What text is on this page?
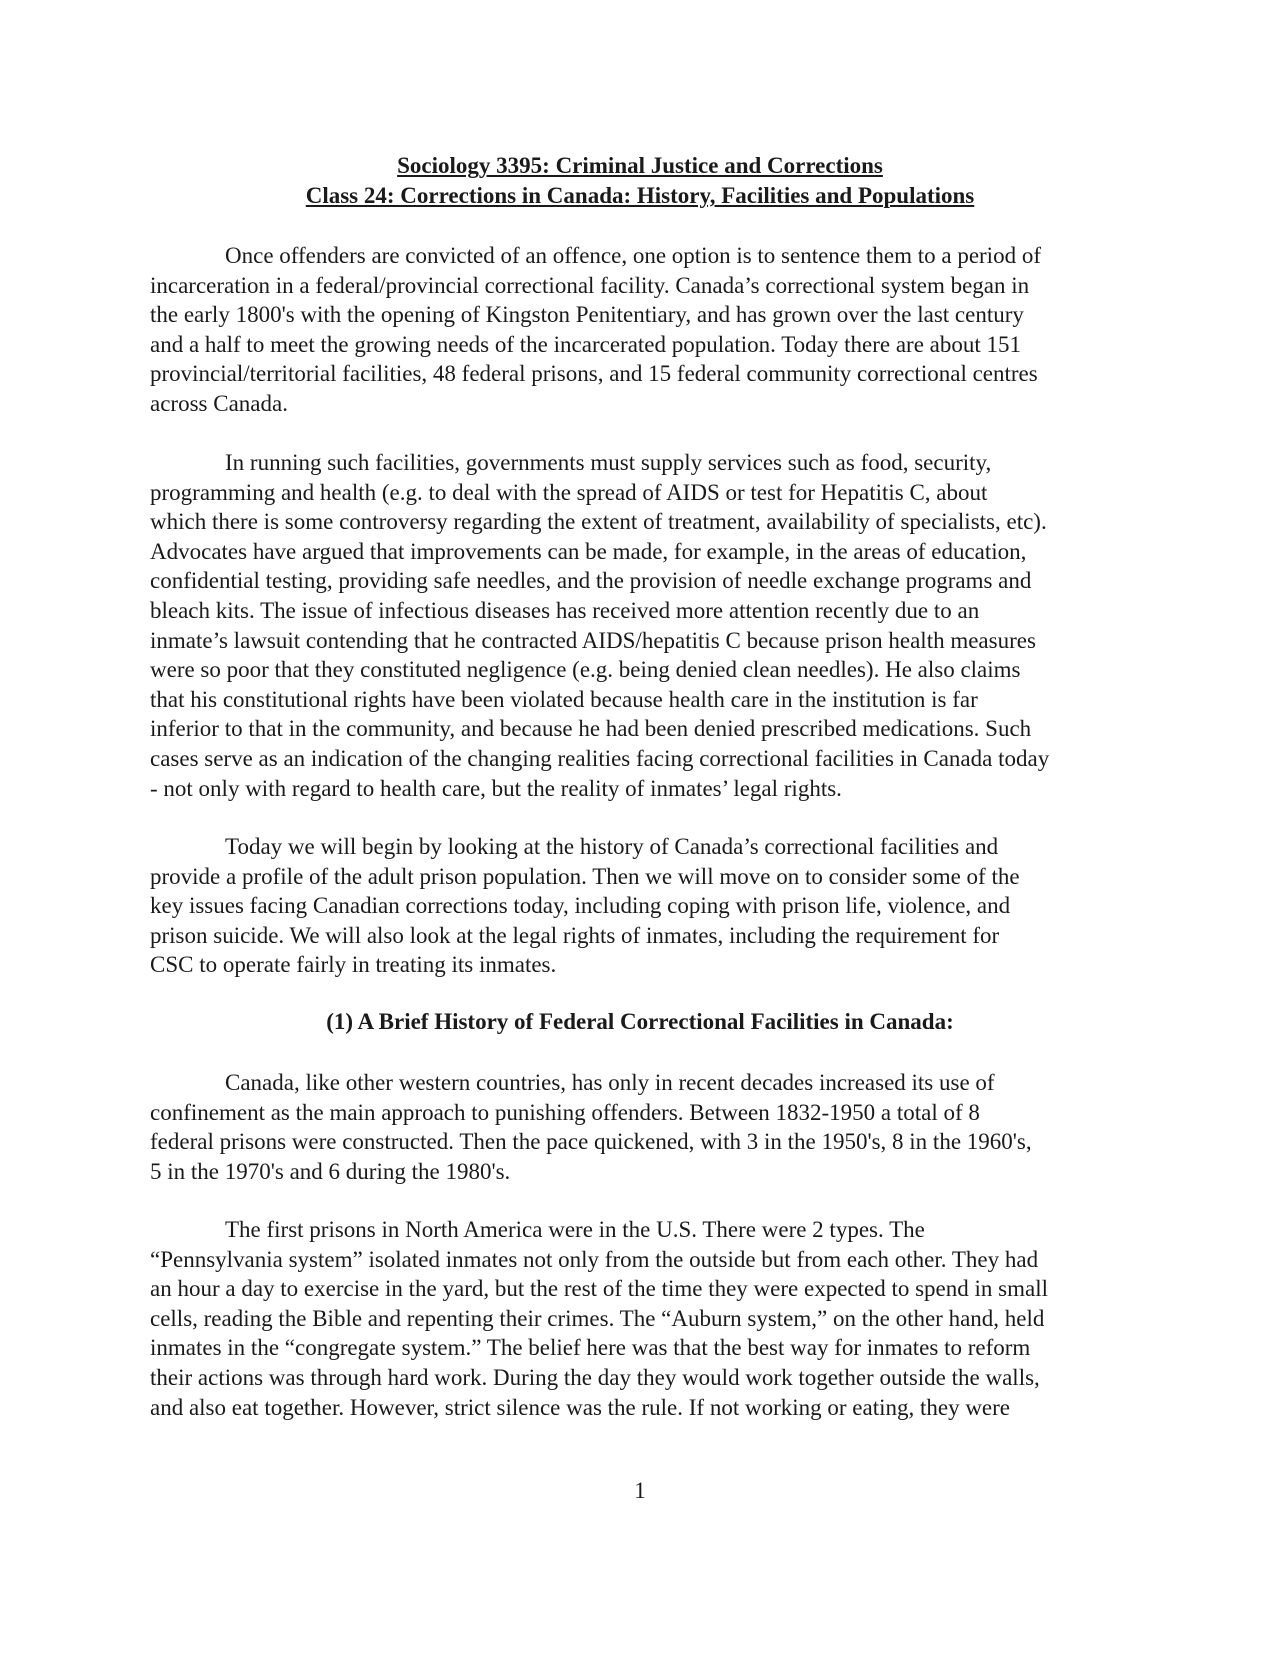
Sociology 3395: Criminal Justice and Corrections
Class 24: Corrections in Canada: History, Facilities and Populations

Once offenders are convicted of an offence, one option is to sentence them to a period of
incarceration in a federal/provincial correctional facility. Canada’s correctional system began in
the early 1800's with the opening of Kingston Penitentiary, and has grown over the last century
and a half to meet the growing needs of the incarcerated population. Today there are about 151
provincial/territorial facilities, 48 federal prisons, and 15 federal community correctional centres
across Canada.

In running such facilities, governments must supply services such as food, security,
programming and health (e.g. to deal with the spread of AIDS or test for Hepatitis C, about
which there is some controversy regarding the extent of treatment, availability of specialists, etc).
Advocates have argued that improvements can be made, for example, in the areas of education,
confidential testing, providing safe needles, and the provision of needle exchange programs and
bleach kits. The issue of infectious diseases has received more attention recently due to an
inmate’s lawsuit contending that he contracted AIDS/hepatitis C because prison health measures
were so poor that they constituted negligence (e.g. being denied clean needles). He also claims
that his constitutional rights have been violated because health care in the institution is far
inferior to that in the community, and because he had been denied prescribed medications. Such
cases serve as an indication of the changing realities facing correctional facilities in Canada today
- not only with regard to health care, but the reality of inmates’ legal rights.

Today we will begin by looking at the history of Canada’s correctional facilities and
provide a profile of the adult prison population. Then we will move on to consider some of the
key issues facing Canadian corrections today, including coping with prison life, violence, and
prison suicide. We will also look at the legal rights of inmates, including the requirement for
CSC to operate fairly in treating its inmates.

(1) A Brief History of Federal Correctional Facilities in Canada:

Canada, like other western countries, has only in recent decades increased its use of
confinement as the main approach to punishing offenders. Between 1832-1950 a total of 8
federal prisons were constructed. Then the pace quickened, with 3 in the 1950's, 8 in the 1960's,
5 in the 1970's and 6 during the 1980's.

The first prisons in North America were in the U.S. There were 2 types. The
“Pennsylvania system” isolated inmates not only from the outside but from each other. They had
an hour a day to exercise in the yard, but the rest of the time they were expected to spend in small
cells, reading the Bible and repenting their crimes. The “Auburn system,” on the other hand, held
inmates in the “congregate system.” The belief here was that the best way for inmates to reform
their actions was through hard work. During the day they would work together outside the walls,
and also eat together. However, strict silence was the rule. If not working or eating, they were

1
